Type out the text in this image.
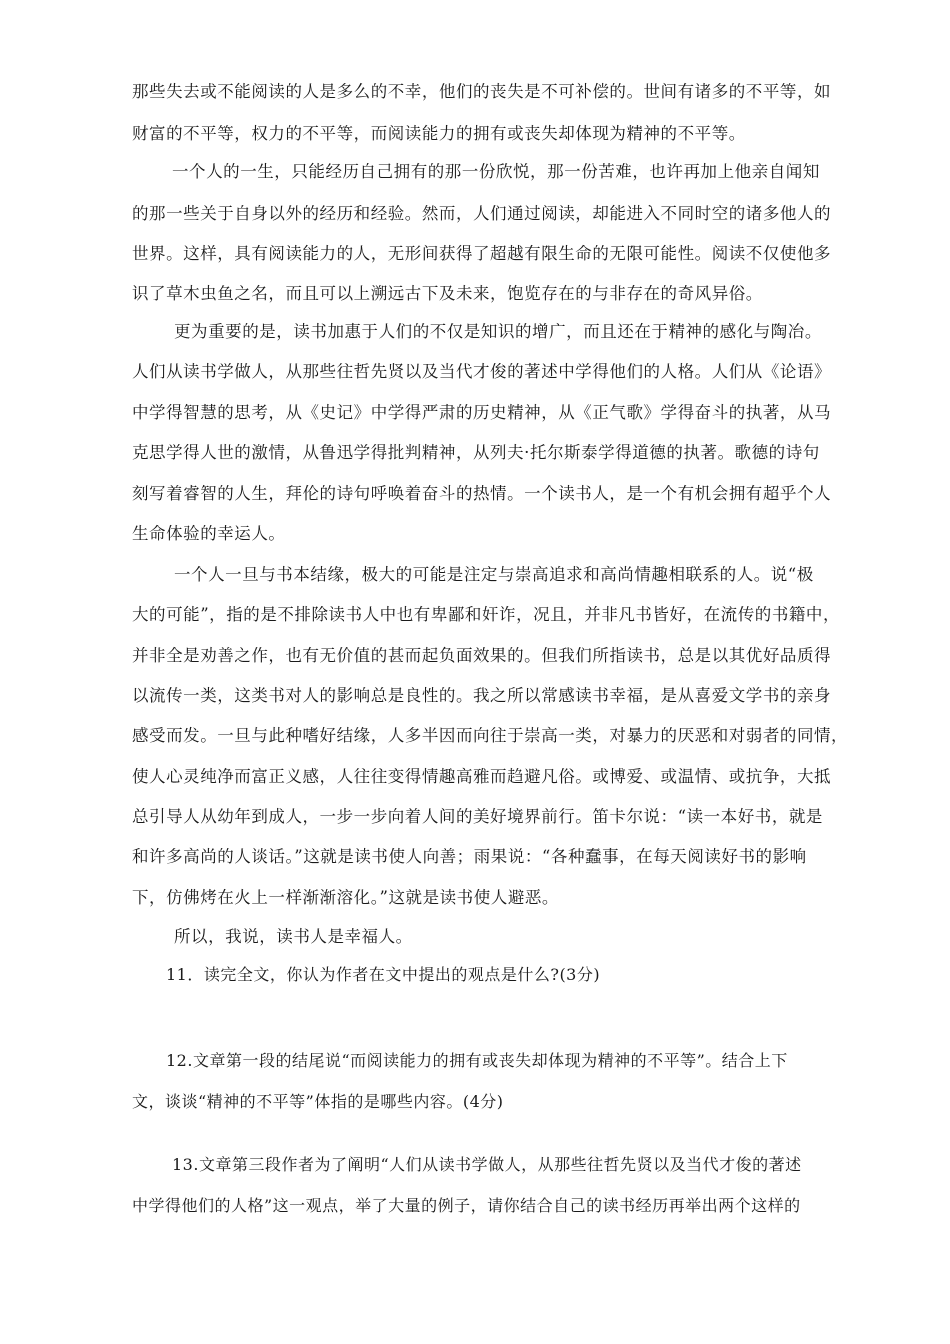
那些失去或不能阅读的人是多么的不幸，他们的丧失是不可补偿的。世间有诸多的不平等，如
财富的不平等，权力的不平等，而阅读能力的拥有或丧失却体现为精神的不平等。
一个人的一生，只能经历自己拥有的那一份欣悦，那一份苦难，也许再加上他亲自闻知
的那一些关于自身以外的经历和经验。然而，人们通过阅读，却能进入不同时空的诸多他人的
世界。这样，具有阅读能力的人，无形间获得了超越有限生命的无限可能性。阅读不仅使他多
识了草木虫鱼之名，而且可以上溯远古下及未来，饱览存在的与非存在的奇风异俗。
更为重要的是，读书加惠于人们的不仅是知识的增广，而且还在于精神的感化与陶冶。
人们从读书学做人，从那些往哲先贤以及当代才俊的著述中学得他们的人格。人们从《论语》
中学得智慧的思考，从《史记》中学得严肃的历史精神，从《正气歌》学得奋斗的执著，从马
克思学得人世的激情，从鲁迅学得批判精神，从列夫·托尔斯泰学得道德的执著。歌德的诗句
刻写着睿智的人生，拜伦的诗句呼唤着奋斗的热情。一个读书人，是一个有机会拥有超乎个人
生命体验的幸运人。
一个人一旦与书本结缘，极大的可能是注定与崇高追求和高尚情趣相联系的人。说“极
大的可能”，指的是不排除读书人中也有卑鄙和奸诈，况且，并非凡书皆好，在流传的书籍中，
并非全是劝善之作，也有无价值的甚而起负面效果的。但我们所指读书，总是以其优好品质得
以流传一类，这类书对人的影响总是良性的。我之所以常感读书幸福，是从喜爱文学书的亲身
感受而发。一旦与此种嗜好结缘，人多半因而向往于崇高一类，对暴力的厌恶和对弱者的同情，
使人心灵纯净而富正义感，人往往变得情趣高雅而趋避凡俗。或博爱、或温情、或抗争，大抵
总引导人从幼年到成人，一步一步向着人间的美好境界前行。笛卡尔说：“读一本好书，就是
和许多高尚的人谈话。”这就是读书使人向善；雨果说：“各种蠢事，在每天阅读好书的影响
下，仿佛烤在火上一样渐渐溶化。”这就是读书使人避恶。
所以，我说，读书人是幸福人。
11．读完全文，你认为作者在文中提出的观点是什么?(3分)
12.文章第一段的结尾说“而阅读能力的拥有或丧失却体现为精神的不平等”。结合上下
文，谈谈“精神的不平等”体指的是哪些内容。(4分)
13.文章第三段作者为了阐明“人们从读书学做人，从那些往哲先贤以及当代才俊的著述
中学得他们的人格”这一观点，举了大量的例子，请你结合自己的读书经历再举出两个这样的
